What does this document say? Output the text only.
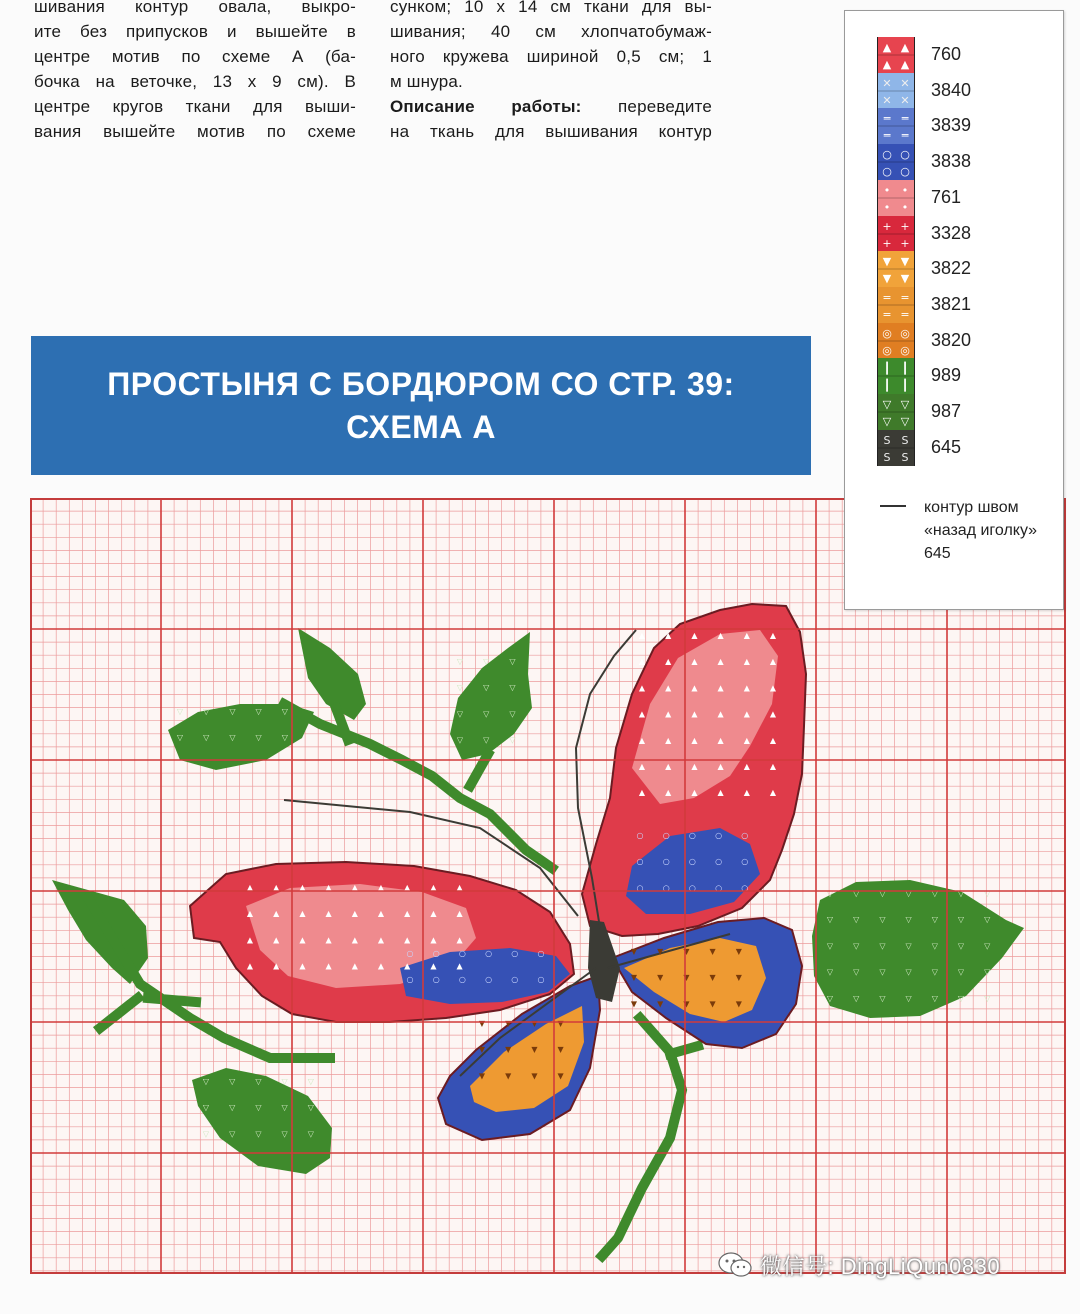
шивания контур овала, выкро-

ите без припусков и вышейте в

центре мотив по схеме А (ба-

бочка на веточке, 13 х 9 см). В

центре кругов ткани для выши-

вания вышейте мотив по схеме

сунком; 10 х 14 см ткани для вы-

шивания; 40 см хлопчатобумаж-

ного кружева шириной 0,5 см; 1

м шнура.

Описание работы: переведите

на ткань для вышивания контур

ПРОСТЫНЯ С БОРДЮРОМ СО СТР. 39:
СХЕМА А
▲
▲
▲
▲
▲
▲
▲
▲
▲
▲
▲
▲
▲
▲
▲
▲
▲
▲
▲
▲
▲
▲
▲
▲
▲
▲
▲
▲
▲
▲
▲
▲
▲
▲
▲
▲
▲
▲
▲
▲
▲
▲
▲
▲
▲
▲
▲
▲
▲
▲
▲
▲
▲
▲
▲
▲
▲
▲
▲
▲
▲
▲
▲
▲
▲
▲
▲
▲
▲
▲
▲
▲
▲
▲
▲
▲
▲
▲
○
○
○
○
○
○
○
○
○
○
○
○
○
○
○
○
○
○
○
○
○
○
○
○
○
○
○
▼
▼
▼
▼
▼
▼
▼
▼
▼
▼
▼
▼
▼
▼
▼
▼
▼
▼
▼
▼
▼
▼
▼
▼
▼
▼
▼
▽
▽
▽
▽
▽
▽
▽
▽
▽
▽
▽
▽
▽
▽
▽
▽
▽
▽
▽
▽
▽
▽
▽
▽
▽
▽
▽
▽
▽
▽
▽
▽
▽
▽
▽
▽
▽
▽
▽
▽
▽
▽
▽
▽
▽
▽
▽
▽
▽
▽
▽
▽
▽
▽
▽
▽
▽
▽
▽
▽
▽
▽
▽
▽
▽
▽
▽
▽
▽
▽
▽
▽
▲ ▲
▲ ▲
760
✕ ✕
✕ ✕
3840
═ ═
═ ═
3839
○ ○
○ ○
3838
• •
• •
761
+ +
+ +
3328
▼ ▼
▼ ▼
3822
= =
= =
3821
◎ ◎
◎ ◎
3820
┃ ┃
┃ ┃
989
▽ ▽
▽ ▽
987
S S
S S
645
контур швом
«назад иголку»
645
微信号: DingLiQun0830
